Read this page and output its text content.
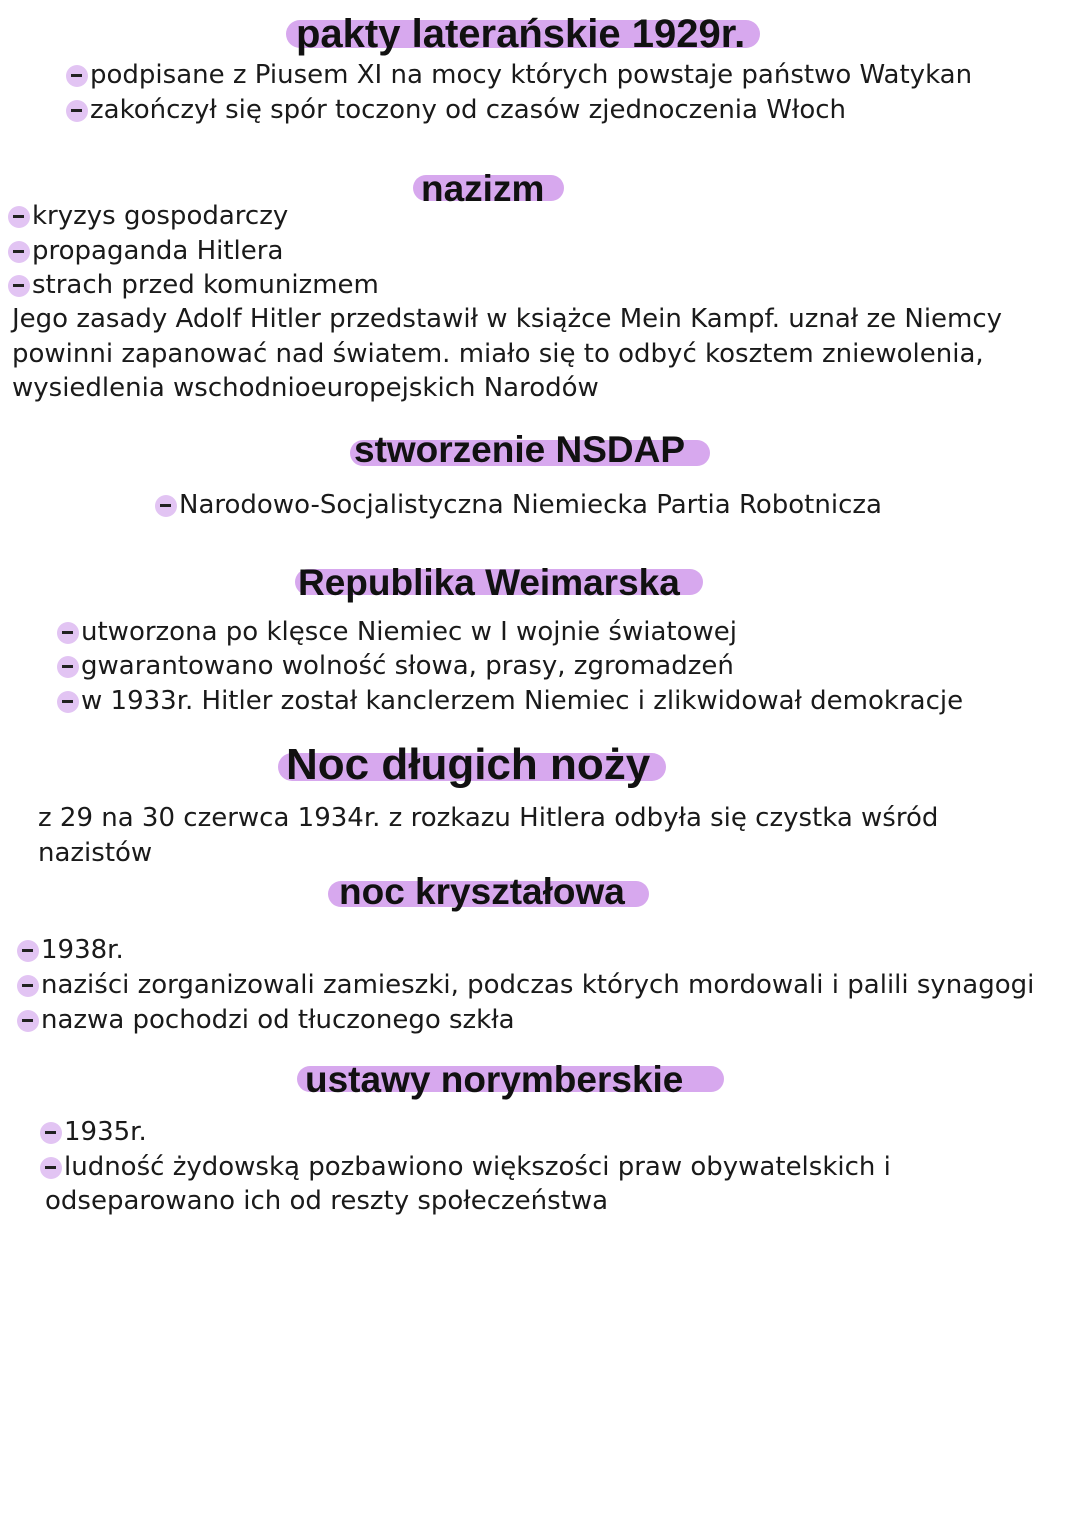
pakty laterańskie 1929r.
podpisane z Piusem XI na mocy których powstaje państwo Watykan
zakończył się spór toczony od czasów zjednoczenia Włoch
nazizm
kryzys gospodarczy
propaganda Hitlera
strach przed komunizmem
Jego zasady Adolf Hitler przedstawił w książce Mein Kampf. uznał ze Niemcy powinni zapanować nad światem. miało się to odbyć kosztem zniewolenia, wysiedlenia wschodnioeuropejskich Narodów
stworzenie NSDAP
Narodowo-Socjalistyczna Niemiecka Partia Robotnicza
Republika Weimarska
utworzona po klęsce Niemiec w I wojnie światowej
gwarantowano wolność słowa, prasy, zgromadzeń
w 1933r. Hitler został kanclerzem Niemiec i zlikwidował demokracje
Noc długich noży
z 29 na 30 czerwca 1934r. z rozkazu Hitlera odbyła się czystka wśród nazistów
noc kryształowa
1938r.
naziści zorganizowali zamieszki, podczas których mordowali i palili synagogi
nazwa pochodzi od tłuczonego szkła
ustawy norymberskie
1935r.
ludność żydowską pozbawiono większości praw obywatelskich i
odseparowano ich od reszty społeczeństwa
